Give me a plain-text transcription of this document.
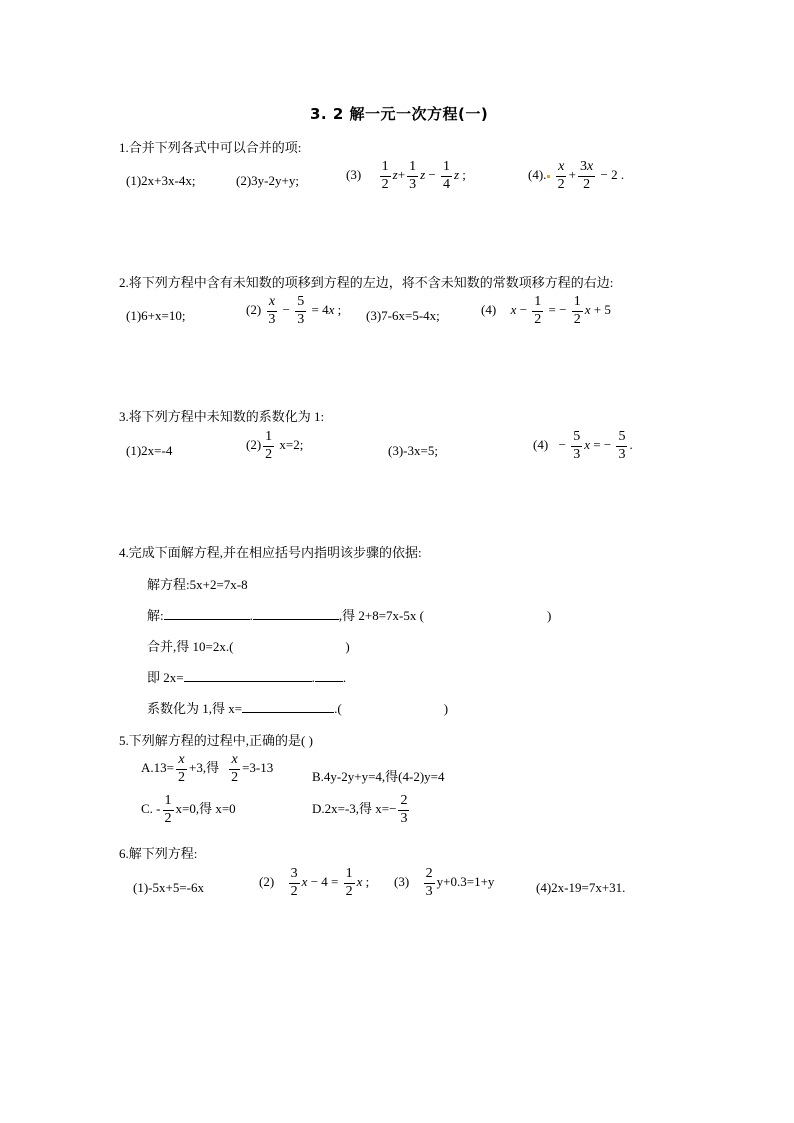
3. 2 解一元一次方程(一)
1.合并下列各式中可以合并的项:
(1)2x+3x-4x;	(2)3y-2y+y;	$(3) \frac{1}{2} z+ \frac{1}{3}$ $z - \frac{1}{4}$ z ;	(4). $\frac{x}{2} + \frac{3x}{2} - 2$ .
2.将下列方程中含有未知数的项移到方程的左边，将不含未知数的常数项移方程的右边:
(1)6+x=10;	$(2) \frac{x}{3} - \frac{5}{3} = 4x$ ; (3)7-6x=5-4x;	(4) $x - \frac{1}{2}$ = − $\frac{1}{2}$ x + 5
3.将下列方程中未知数的系数化为 1:
(1)2x=-4	$(2) \frac{1}{2} x=2$;	(3)-3x=5;	$(4) - \frac{5}{3}$ x = − $\frac{5}{3}$ .
4.完成下面解方程,并在相应括号内指明该步骤的依据:
解方程:5x+2=7x-8
解:	.	,得 2+8=7x-5x (	)
合并,得 10=2x.(	)
即 2x=	. .
系数化为 1,得 x=	.(	)
5.下列解方程的过程中,正确的是( )
$A.13= \frac{x}{2} +3$,得 $\frac{x}{2} =3-13$
B.4y-2y+y=4,得(4-2)y=4
C. - $\frac{1}{2} x=0$,得 x=0	D.2x=-3,得 $x=- \frac{2}{3}$
6.解下列方程:
(1)-5x+5=-6x	$(2) \frac{3}{2}$ $x - 4 = \frac{1}{2}$ x ; $(3) \frac{2}{3} y+0.3=1+y$	(4)2x-19=7x+31.
